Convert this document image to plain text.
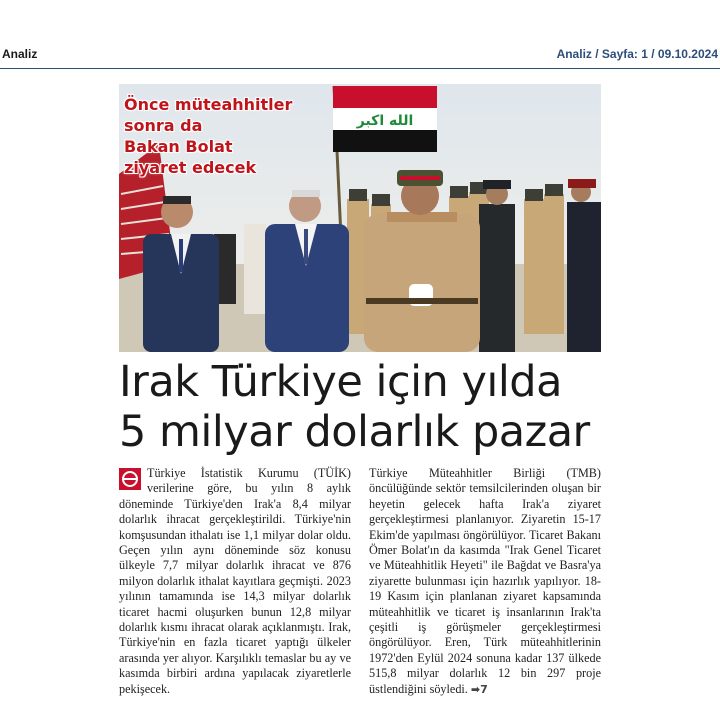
Analiz	Analiz / Sayfa: 1 / 09.10.2024
الله اكبر
Önce müteahhitler
sonra da
Bakan Bolat
ziyaret edecek
Irak Türkiye için yılda
5 milyar dolarlık pazar
Türkiye İstatistik Kurumu (TÜİK) verilerine göre, bu yılın 8 aylık döneminde Türkiye'den Irak'a 8,4 milyar dolarlık ihracat gerçekleştirildi. Türkiye'nin komşusundan ithalatı ise 1,1 milyar dolar oldu. Geçen yılın aynı döneminde söz konusu ülkeyle 7,7 milyar dolarlık ihracat ve 876 milyon dolarlık ithalat kayıtlara geçmişti. 2023 yılının tamamında ise 14,3 milyar dolarlık ticaret hacmi oluşurken bunun 12,8 milyar dolarlık kısmı ihracat olarak açıklanmıştı. Irak, Türkiye'nin en fazla ticaret yaptığı ülkeler arasında yer alıyor. Karşılıklı temaslar bu ay ve kasımda birbiri ardına yapılacak ziyaretlerle pekişecek.
Türkiye Müteahhitler Birliği (TMB) öncülüğünde sektör temsilcilerinden oluşan bir heyetin gelecek hafta Irak'a ziyaret gerçekleştirmesi planlanıyor. Ziyaretin 15-17 Ekim'de yapılması öngörülüyor. Ticaret Bakanı Ömer Bolat'ın da kasımda "Irak Genel Ticaret ve Müteahhitlik Heyeti" ile Bağdat ve Basra'ya ziyarette bulunması için hazırlık yapılıyor. 18-19 Kasım için planlanan ziyaret kapsamında müteahhitlik ve ticaret iş insanlarının Irak'ta çeşitli iş görüşmeler gerçekleştirmesi öngörülüyor. Eren, Türk müteahhitlerinin 1972'den Eylül 2024 sonuna kadar 137 ülkede 515,8 milyar dolarlık 12 bin 297 proje üstlendiğini söyledi. ➡7
